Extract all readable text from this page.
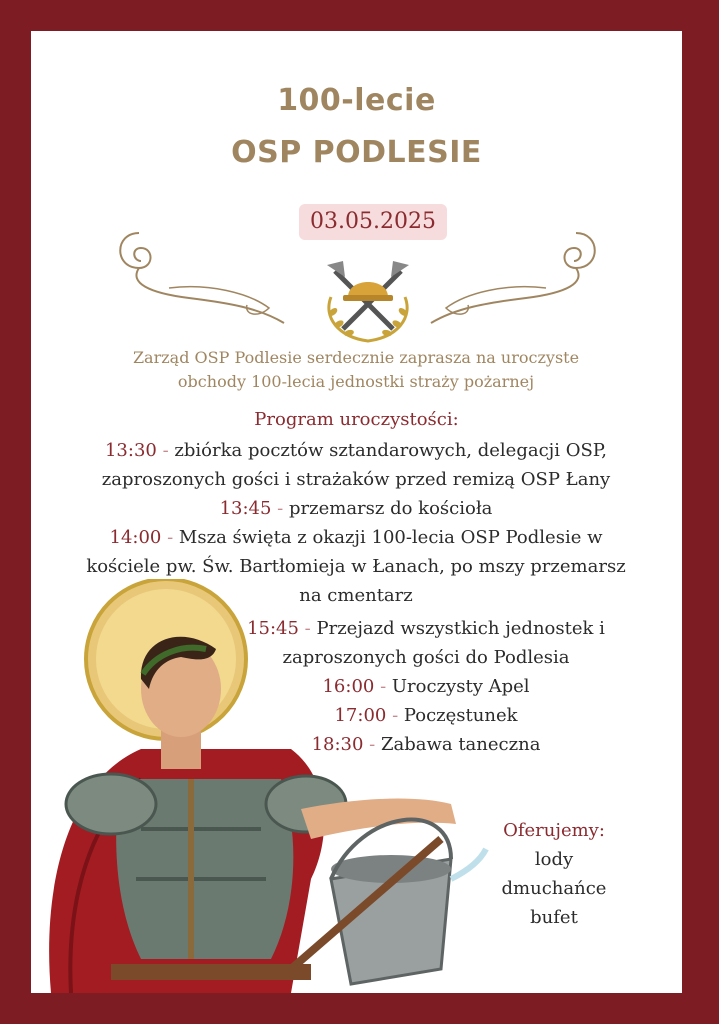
100-lecie
OSP PODLESIE
03.05.2025
Zarząd OSP Podlesie serdecznie zaprasza na uroczyste
obchody 100-lecia jednostki straży pożarnej
Program uroczystości:
13:30 - zbiórka pocztów sztandarowych, delegacji OSP,
zaproszonych gości i strażaków przed remizą OSP Łany
13:45 - przemarsz do kościoła
14:00 - Msza święta z okazji 100-lecia OSP Podlesie w
kościele pw. Św. Bartłomieja w Łanach, po mszy przemarsz
na cmentarz
15:45 - Przejazd wszystkich jednostek i
zaproszonych gości do Podlesia
16:00 - Uroczysty Apel
17:00 - Poczęstunek
18:30 - Zabawa taneczna
Oferujemy:
lody
dmuchańce
bufet
